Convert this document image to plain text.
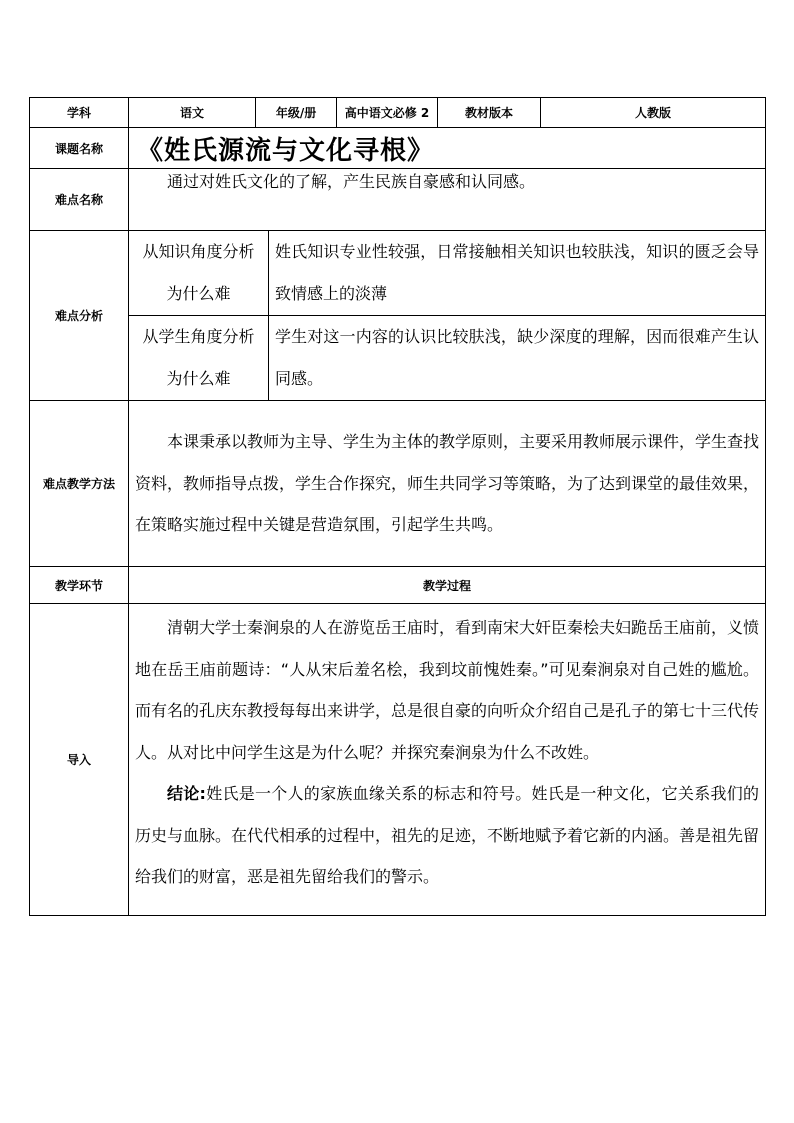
学科	语文	年级/册		高中语文必修 2	教材版本	人教版
课题名称	《姓氏源流与文化寻根》					
难点名称	通过对姓氏文化的了解，产生民族自豪感和认同感。					

难点分析	从知识角度分析为什么难		姓氏知识专业性较强，日常接触相关知识也较肤浅，知识的匮乏会导致情感上的淡薄			
	从学生角度分析为什么难		学生对这一内容的认识比较肤浅，缺少深度的理解，因而很难产生认同感。			
难点教学方法	本课秉承以教师为主导、学生为主体的教学原则，主要采用教师展示课件，学生查找资料，教师指导点拨，学生合作探究，师生共同学习等策略，为了达到课堂的最佳效果，在策略实施过程中关键是营造氛围，引起学生共鸣。					

教学环节	教学过程					
导入	清朝大学士秦涧泉的人在游览岳王庙时，看到南宋大奸臣秦桧夫妇跪岳王庙前，义愤地在岳王庙前题诗：“人从宋后羞名桧，我到坟前愧姓秦。”可见秦涧泉对自己姓的尴尬。而有名的孔庆东教授每每出来讲学，总是很自豪的向听众介绍自己是孔子的第七十三代传人。从对比中问学生这是为什么呢？并探究秦涧泉为什么不改姓。
结论:姓氏是一个人的家族血缘关系的标志和符号。姓氏是一种文化，它关系我们的历史与血脉。在代代相承的过程中，祖先的足迹，不断地赋予着它新的内涵。善是祖先留给我们的财富，恶是祖先留给我们的警示。					
